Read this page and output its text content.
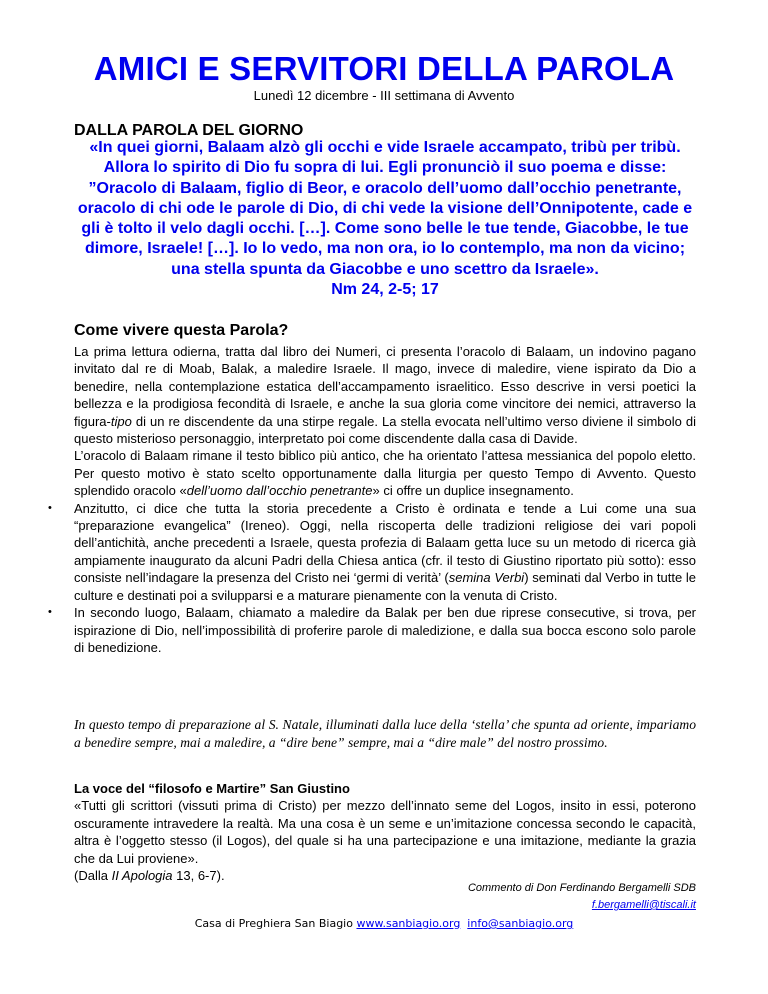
AMICI E SERVITORI DELLA PAROLA
Lunedì 12 dicembre - III settimana di Avvento
DALLA PAROLA DEL GIORNO
«In quei giorni, Balaam alzò gli occhi e vide Israele accampato, tribù per tribù. Allora lo spirito di Dio fu sopra di lui. Egli pronunciò il suo poema e disse: ”Oracolo di Balaam, figlio di Beor, e oracolo dell’uomo dall’occhio penetrante, oracolo di chi ode le parole di Dio, di chi vede la visione dell’Onnipotente, cade e gli è tolto il velo dagli occhi. […]. Come sono belle le tue tende, Giacobbe, le tue dimore, Israele! […]. Io lo vedo, ma non ora, io lo contemplo, ma non da vicino; una stella spunta da Giacobbe e uno scettro da Israele».
Nm 24, 2-5; 17
Come vivere questa Parola?

La prima lettura odierna, tratta dal libro dei Numeri, ci presenta l’oracolo di Balaam, un indovino pagano invitato dal re di Moab, Balak, a maledire Israele. Il mago, invece di maledire, viene ispirato da Dio a benedire, nella contemplazione estatica dell’accampamento israelitico. Esso descrive in versi poetici la bellezza e la prodigiosa fecondità di Israele, e anche la sua gloria come vincitore dei nemici, attraverso la figura-tipo di un re discendente da una stirpe regale. La stella evocata nell’ultimo verso diviene il simbolo di questo misterioso personaggio, interpretato poi come discendente dalla casa di Davide.

L’oracolo di Balaam rimane il testo biblico più antico, che ha orientato l’attesa messianica del popolo eletto. Per questo motivo è stato scelto opportunamente dalla liturgia per questo Tempo di Avvento. Questo splendido oracolo «dell’uomo dall’occhio penetrante» ci offre un duplice insegnamento.

• Anzitutto, ci dice che tutta la storia precedente a Cristo è ordinata e tende a Lui come una sua “preparazione evangelica” (Ireneo). Oggi, nella riscoperta delle tradizioni religiose dei vari popoli dell’antichità, anche precedenti a Israele, questa profezia di Balaam getta luce su un metodo di ricerca già ampiamente inaugurato da alcuni Padri della Chiesa antica (cfr. il testo di Giustino riportato più sotto): esso consiste nell’indagare la presenza del Cristo nei ‘germi di verità’ (semina Verbi) seminati dal Verbo in tutte le culture e destinati poi a svilupparsi e a maturare pienamente con la venuta di Cristo.
• In secondo luogo, Balaam, chiamato a maledire da Balak per ben due riprese consecutive, si trova, per ispirazione di Dio, nell’impossibilità di proferire parole di maledizione, e dalla sua bocca escono solo parole di benedizione.
In questo tempo di preparazione al S. Natale, illuminati dalla luce della ‘stella’ che spunta ad oriente, impariamo a benedire sempre, mai a maledire, a “dire bene” sempre, mai a “dire male” del nostro prossimo.

La voce del “filosofo e Martire” San Giustino

«Tutti gli scrittori (vissuti prima di Cristo) per mezzo dell’innato seme del Logos, insito in essi, poterono oscuramente intravedere la realtà. Ma una cosa è un seme e un’imitazione concessa secondo le capacità, altra è l’oggetto stesso (il Logos), del quale si ha una partecipazione e una imitazione, mediante la grazia che da Lui proviene».

(Dalla II Apologia 13, 6-7).

Commento di Don Ferdinando Bergamelli SDB
f.bergamelli@tiscali.it
Casa di Preghiera San Biagio www.sanbiagio.org info@sanbiagio.org
